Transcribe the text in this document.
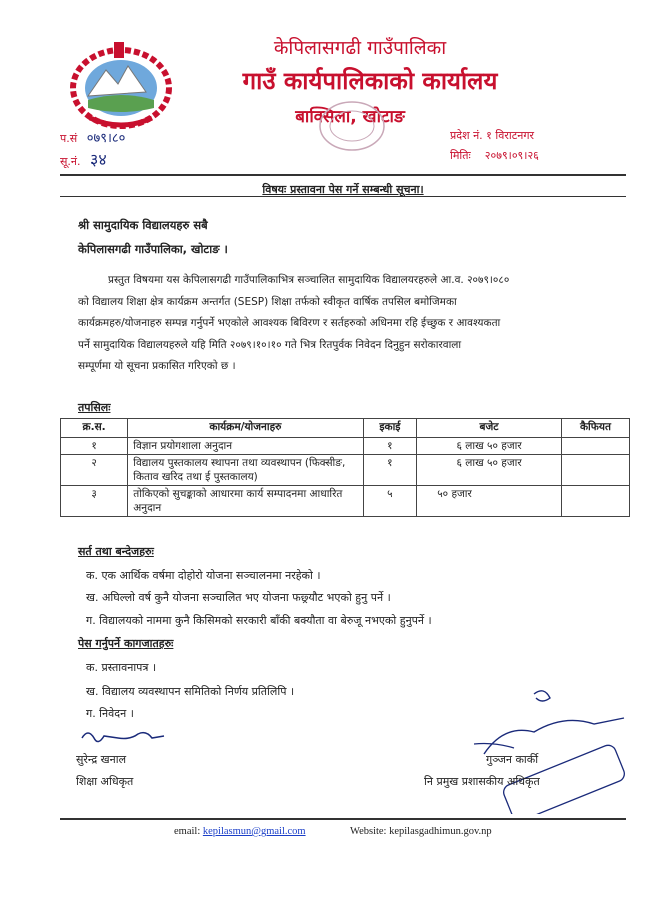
केपिलासगढी गाउँपालिका
गाउँ कार्यपालिकाको कार्यालय
बाक्सिला, खोटाङ
प.सं ०७९।८०
सू.नं. ३४
प्रदेश नं. १ विराटनगर
मितिः २०७९।०९।२६
विषयः प्रस्तावना पेस गर्ने सम्बन्धी सूचना।
श्री सामुदायिक विद्यालयहरु सबै
केपिलासगढी गाउँपालिका, खोटाङ ।
प्रस्तुत विषयमा यस केपिलासगढी गाउँपालिकाभित्र सञ्चालित सामुदायिक विद्यालयरहरुले आ.व. २०७९।०८०
को विद्यालय शिक्षा क्षेत्र कार्यक्रम अन्तर्गत (SESP) शिक्षा तर्फको स्वीकृत वार्षिक तपसिल बमोजिमका
कार्यक्रमहरु/योजनाहरु सम्पन्न गर्नुपर्ने भएकोले आवश्यक बिविरण र सर्तहरुको अधिनमा रहि ईच्छुक र आवश्यकता
पर्ने सामुदायिक विद्यालयहरुले यहि मिति २०७९।१०।१० गते भित्र रितपुर्वक निवेदन दिनुहुन सरोकारवाला
सम्पूर्णमा यो सूचना प्रकासित गरिएको छ ।
तपसिलः
क्र.स.	कार्यक्रम/योजनाहरु	इकाई	बजेट	कैफियत
१	विज्ञान प्रयोगशाला अनुदान	१	६ लाख ५० हजार	
२	विद्यालय पुस्तकालय स्थापना तथा व्यवस्थापन (फिक्सीङ, किताव खरिद तथा ई पुस्तकालय)	१	६ लाख ५० हजार	
३	तोकिएको सुचङ्काको आधारमा कार्य सम्पादनमा आधारित अनुदान	५	५० हजार	
सर्त तथा बन्देजहरुः
क. एक आर्थिक वर्षमा दोहोरो योजना सञ्चालनमा नरहेको ।
ख. अघिल्लो वर्ष कुनै योजना सञ्चालित भए योजना फछ्र्यौट भएको हुनु पर्ने ।
ग. विद्यालयको नाममा कुनै किसिमको सरकारी बाँकी बक्यौता वा बेरुजू नभएको हुनुपर्ने ।
पेस गर्नुपर्ने कागजातहरुः
क. प्रस्तावनापत्र ।
ख. विद्यालय व्यवस्थापन समितिको निर्णय प्रतिलिपि ।
ग. निवेदन ।
सुरेन्द्र खनाल
शिक्षा अधिकृत
गुञ्जन कार्की
नि प्रमुख प्रशासकीय अधिकृत
email: kepilasmun@gmail.com	Website: kepilasgadhimun.gov.np
